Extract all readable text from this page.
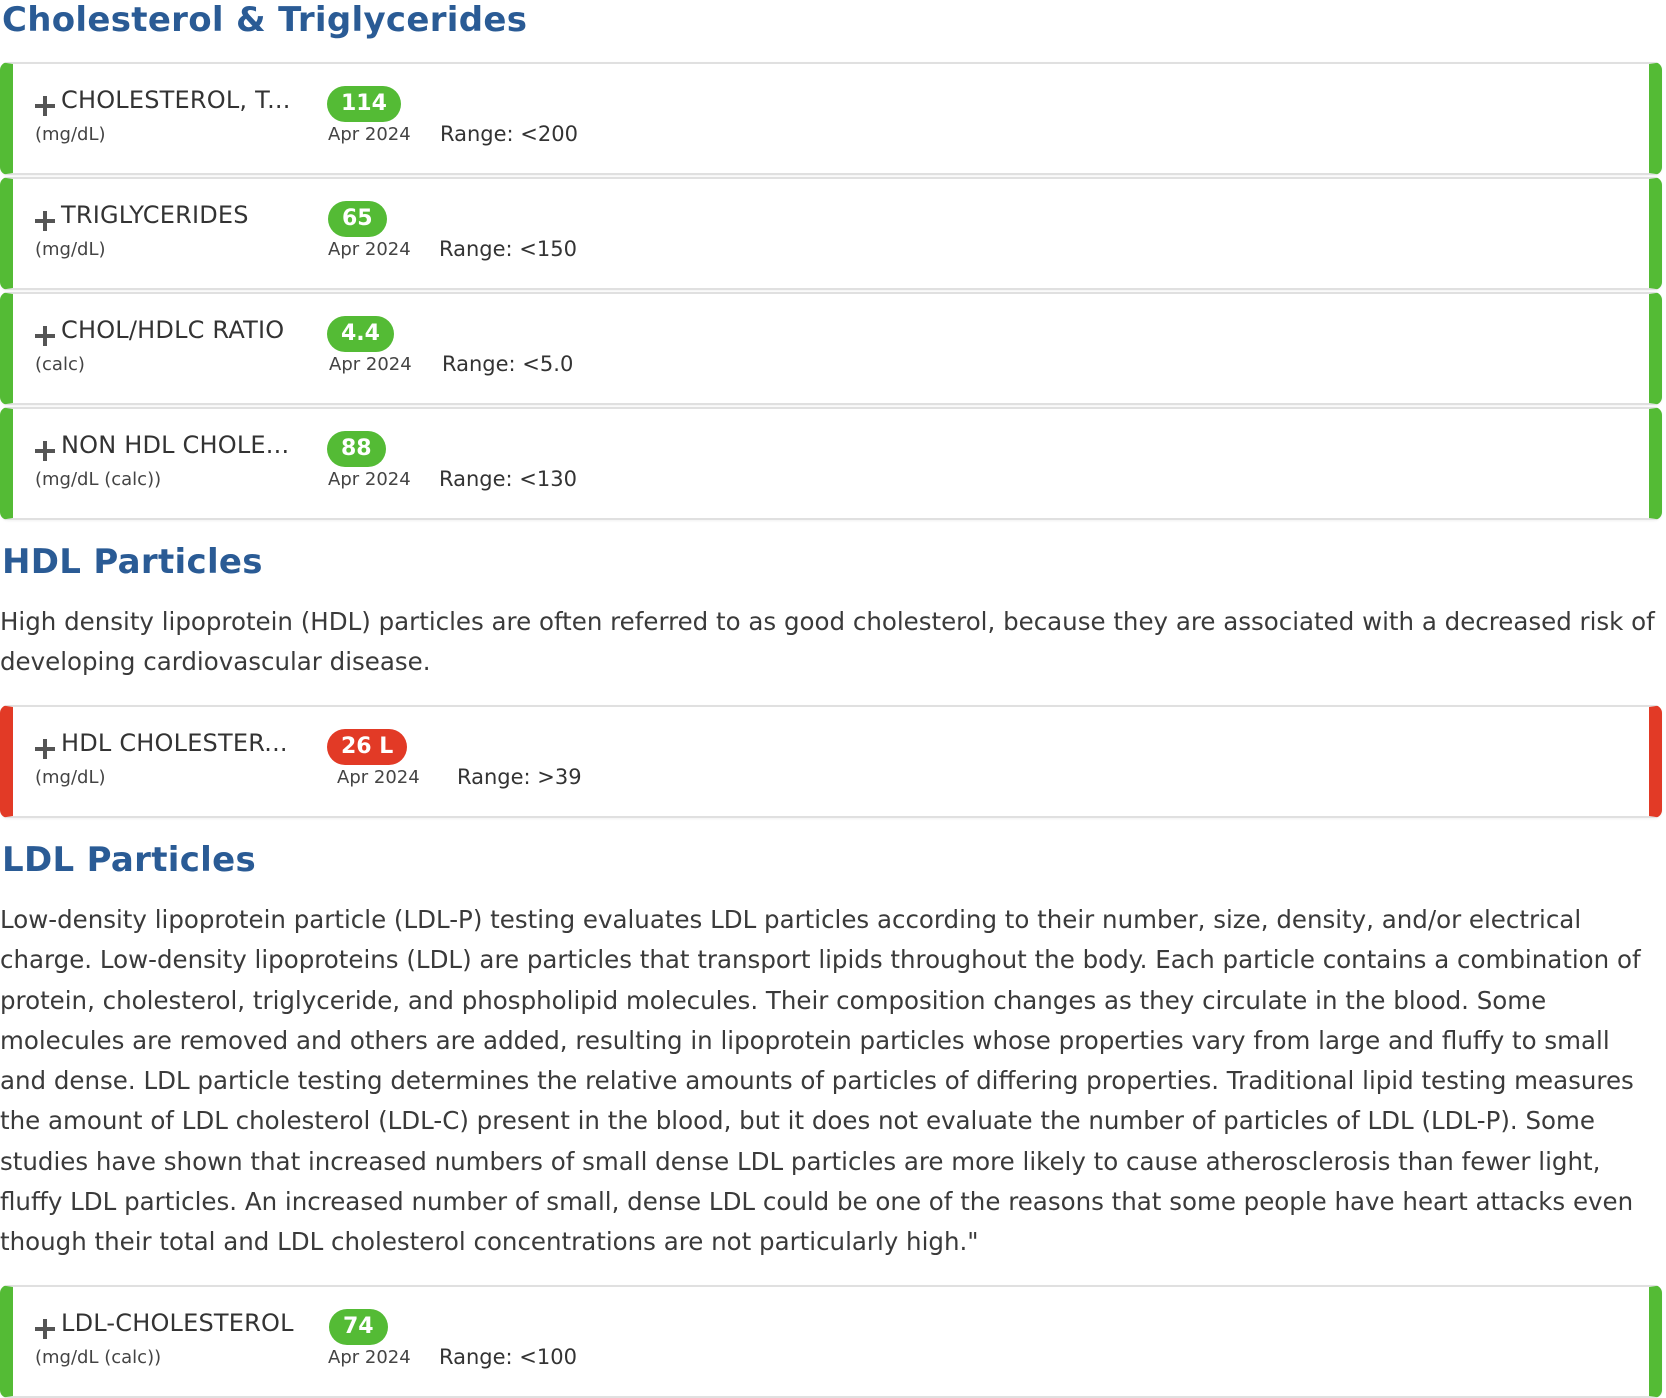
Cholesterol & Triglycerides
CHOLESTEROL, T...
(mg/dL)
114
Apr 2024 Range: <200
TRIGLYCERIDES
(mg/dL)
65
Apr 2024 Range: <150
CHOL/HDLC RATIO
(calc)
4.4
Apr 2024 Range: <5.0
NON HDL CHOLE...
(mg/dL (calc))
88
Apr 2024 Range: <130
HDL Particles

High density lipoprotein (HDL) particles are often referred to as good cholesterol, because they are associated with a decreased risk of developing cardiovascular disease.

HDL CHOLESTER...
(mg/dL)
26 L
Apr 2024 Range: >39
LDL Particles

Low-density lipoprotein particle (LDL-P) testing evaluates LDL particles according to their number, size, density, and/or electrical charge. Low-density lipoproteins (LDL) are particles that transport lipids throughout the body. Each particle contains a combination of protein, cholesterol, triglyceride, and phospholipid molecules. Their composition changes as they circulate in the blood. Some molecules are removed and others are added, resulting in lipoprotein particles whose properties vary from large and fluffy to small and dense. LDL particle testing determines the relative amounts of particles of differing properties. Traditional lipid testing measures the amount of LDL cholesterol (LDL-C) present in the blood, but it does not evaluate the number of particles of LDL (LDL-P). Some studies have shown that increased numbers of small dense LDL particles are more likely to cause atherosclerosis than fewer light, fluffy LDL particles. An increased number of small, dense LDL could be one of the reasons that some people have heart attacks even though their total and LDL cholesterol concentrations are not particularly high."

LDL-CHOLESTEROL
(mg/dL (calc))
74
Apr 2024 Range: <100
